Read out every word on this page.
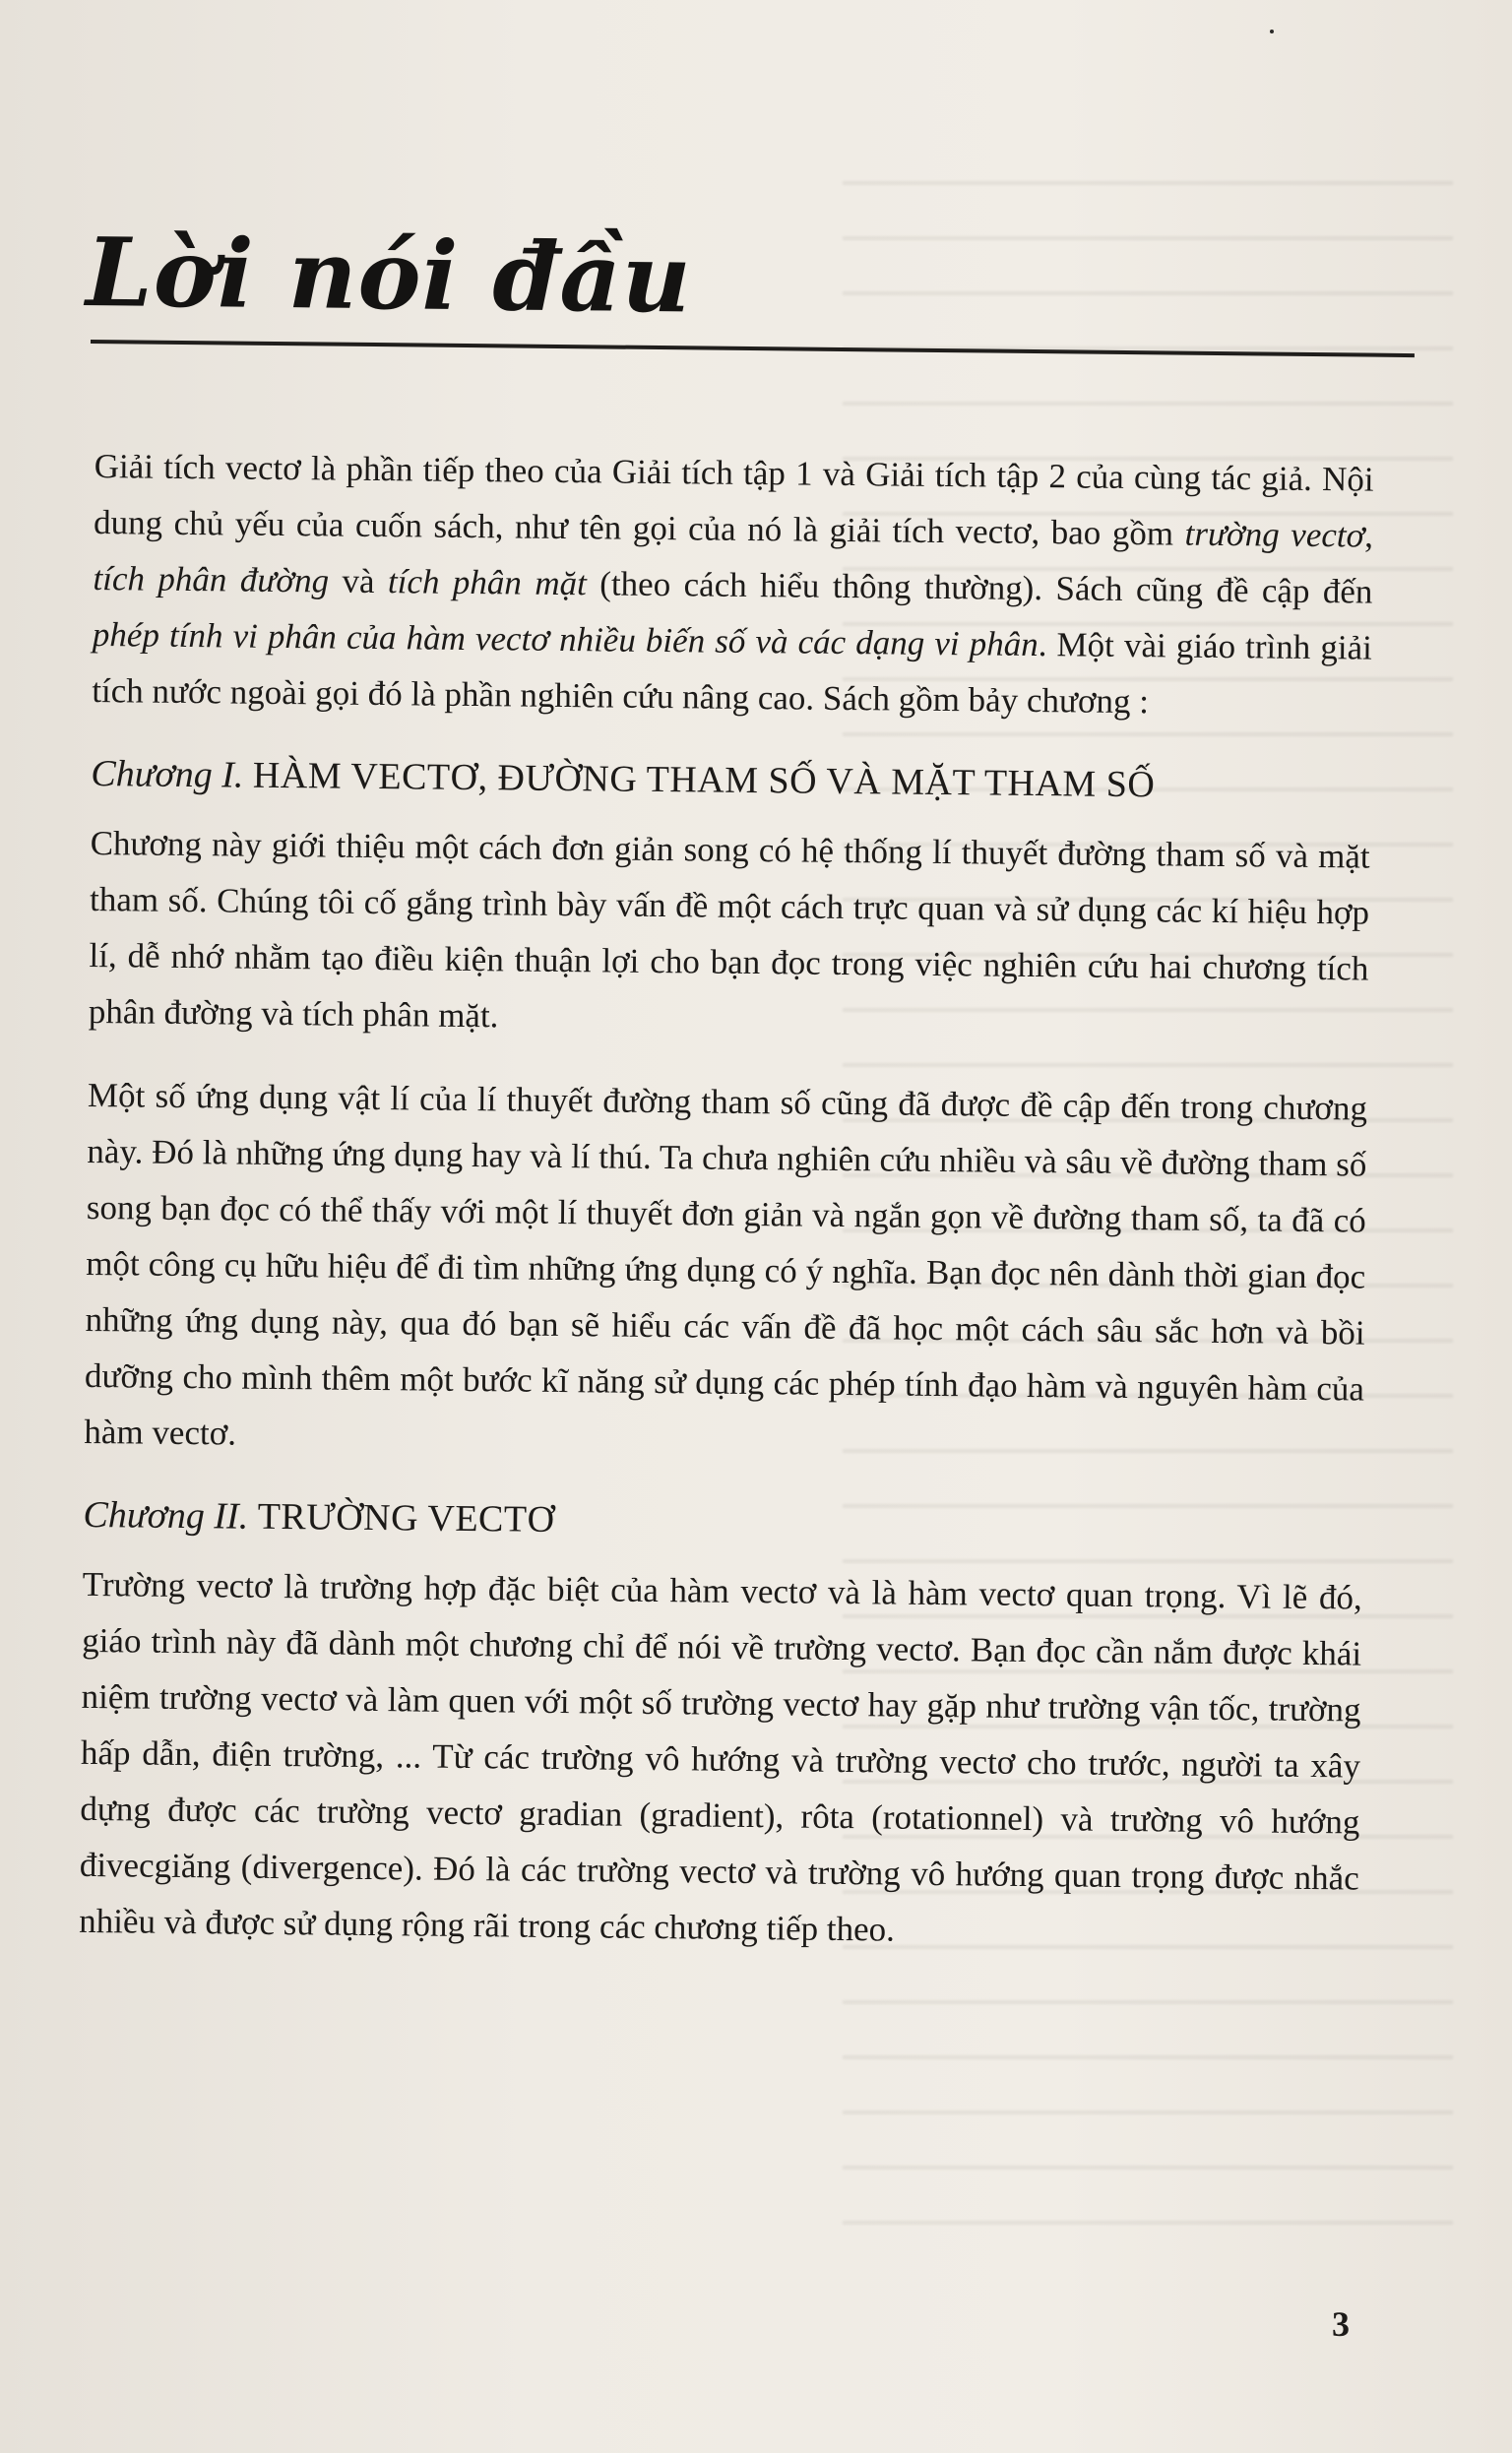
Lời nói đầu

Giải tích vectơ là phần tiếp theo của Giải tích tập 1 và Giải tích tập 2 của cùng tác giả. Nội dung chủ yếu của cuốn sách, như tên gọi của nó là giải tích vectơ, bao gồm trường vectơ, tích phân đường và tích phân mặt (theo cách hiểu thông thường). Sách cũng đề cập đến phép tính vi phân của hàm vectơ nhiều biến số và các dạng vi phân. Một vài giáo trình giải tích nước ngoài gọi đó là phần nghiên cứu nâng cao. Sách gồm bảy chương :

Chương I. HÀM VECTƠ, ĐƯỜNG THAM SỐ VÀ MẶT THAM SỐ

Chương này giới thiệu một cách đơn giản song có hệ thống lí thuyết đường tham số và mặt tham số. Chúng tôi cố gắng trình bày vấn đề một cách trực quan và sử dụng các kí hiệu hợp lí, dễ nhớ nhằm tạo điều kiện thuận lợi cho bạn đọc trong việc nghiên cứu hai chương tích phân đường và tích phân mặt.

Một số ứng dụng vật lí của lí thuyết đường tham số cũng đã được đề cập đến trong chương này. Đó là những ứng dụng hay và lí thú. Ta chưa nghiên cứu nhiều và sâu về đường tham số song bạn đọc có thể thấy với một lí thuyết đơn giản và ngắn gọn về đường tham số, ta đã có một công cụ hữu hiệu để đi tìm những ứng dụng có ý nghĩa. Bạn đọc nên dành thời gian đọc những ứng dụng này, qua đó bạn sẽ hiểu các vấn đề đã học một cách sâu sắc hơn và bồi dưỡng cho mình thêm một bước kĩ năng sử dụng các phép tính đạo hàm và nguyên hàm của hàm vectơ.

Chương II. TRƯỜNG VECTƠ

Trường vectơ là trường hợp đặc biệt của hàm vectơ và là hàm vectơ quan trọng. Vì lẽ đó, giáo trình này đã dành một chương chỉ để nói về trường vectơ. Bạn đọc cần nắm được khái niệm trường vectơ và làm quen với một số trường vectơ hay gặp như trường vận tốc, trường hấp dẫn, điện trường, ... Từ các trường vô hướng và trường vectơ cho trước, người ta xây dựng được các trường vectơ gradian (gradient), rôta (rotationnel) và trường vô hướng đivecgiăng (divergence). Đó là các trường vectơ và trường vô hướng quan trọng được nhắc nhiều và được sử dụng rộng rãi trong các chương tiếp theo.

3
